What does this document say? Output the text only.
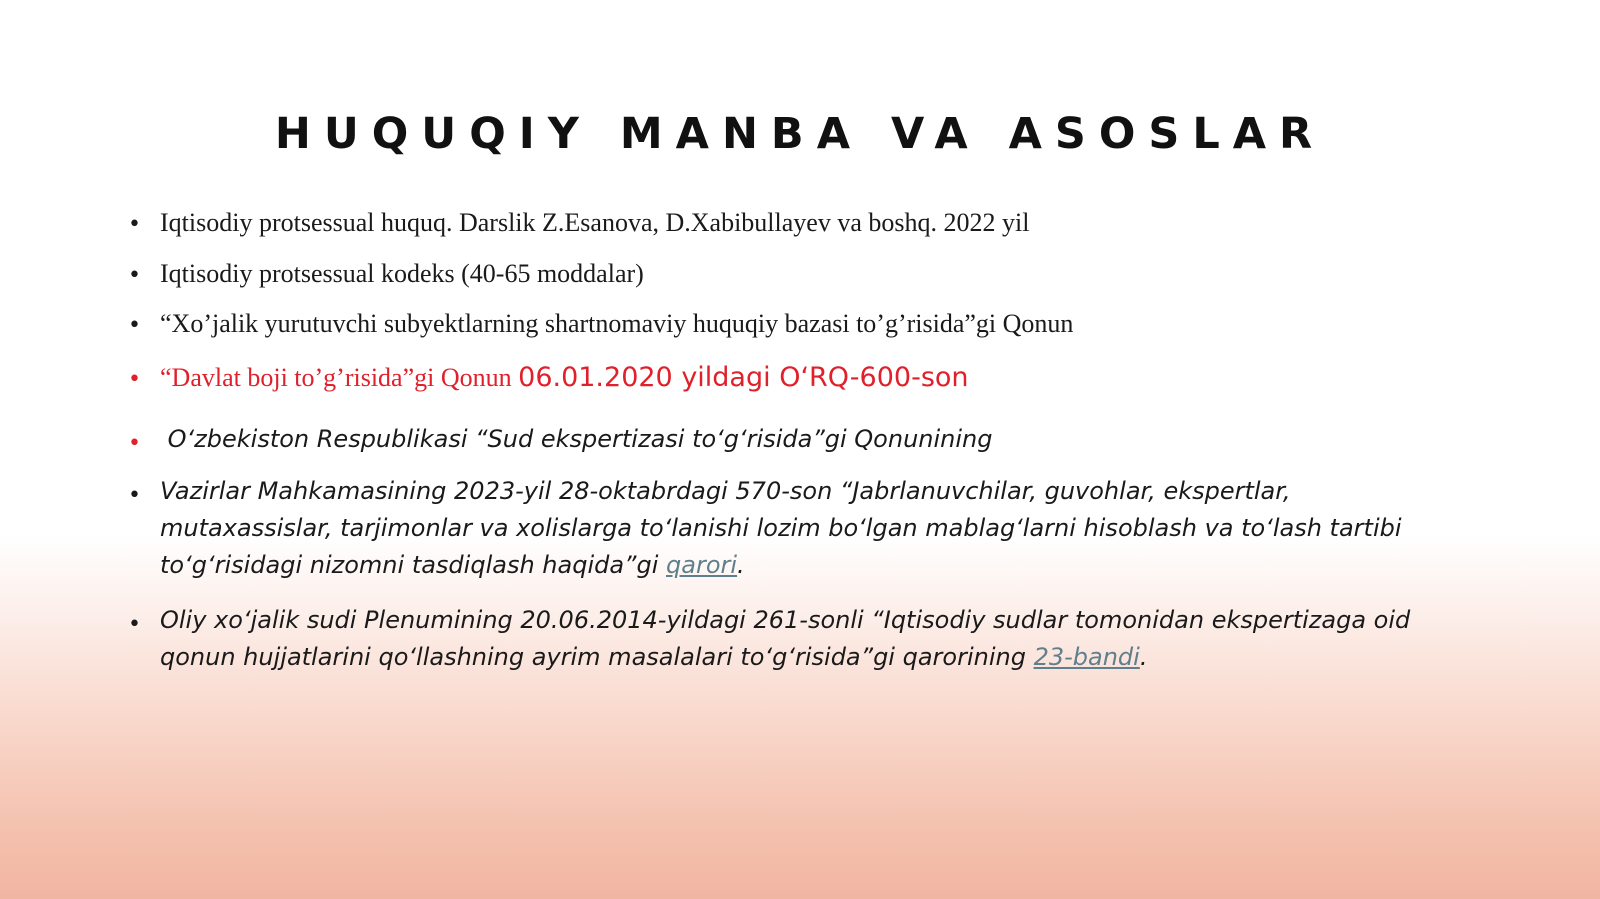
HUQUQIY MANBA VA ASOSLAR
• Iqtisodiy protsessual huquq. Darslik Z.Esanova, D.Xabibullayev va boshq. 2022 yil
• Iqtisodiy protsessual kodeks (40-65 moddalar)
• “Xo’jalik yurutuvchi subyektlarning shartnomaviy huquqiy bazasi to’g’risida”gi Qonun
• “Davlat boji to’g’risida”gi Qonun 06.01.2020 yildagi O‘RQ-600-son
• O‘zbekiston Respublikasi “Sud ekspertizasi to‘g‘risida”gi Qonunining
• Vazirlar Mahkamasining 2023-yil 28-oktabrdagi 570-son “Jabrlanuvchilar, guvohlar, ekspertlar, mutaxassislar, tarjimonlar va xolislarga to‘lanishi lozim bo‘lgan mablag‘larni hisoblash va to‘lash tartibi to‘g‘risidagi nizomni tasdiqlash haqida”gi qarori.
• Oliy xo‘jalik sudi Plenumining 20.06.2014-yildagi 261-sonli “Iqtisodiy sudlar tomonidan ekspertizaga oid qonun hujjatlarini qo‘llashning ayrim masalalari to‘g‘risida”gi qarorining 23-bandi.
